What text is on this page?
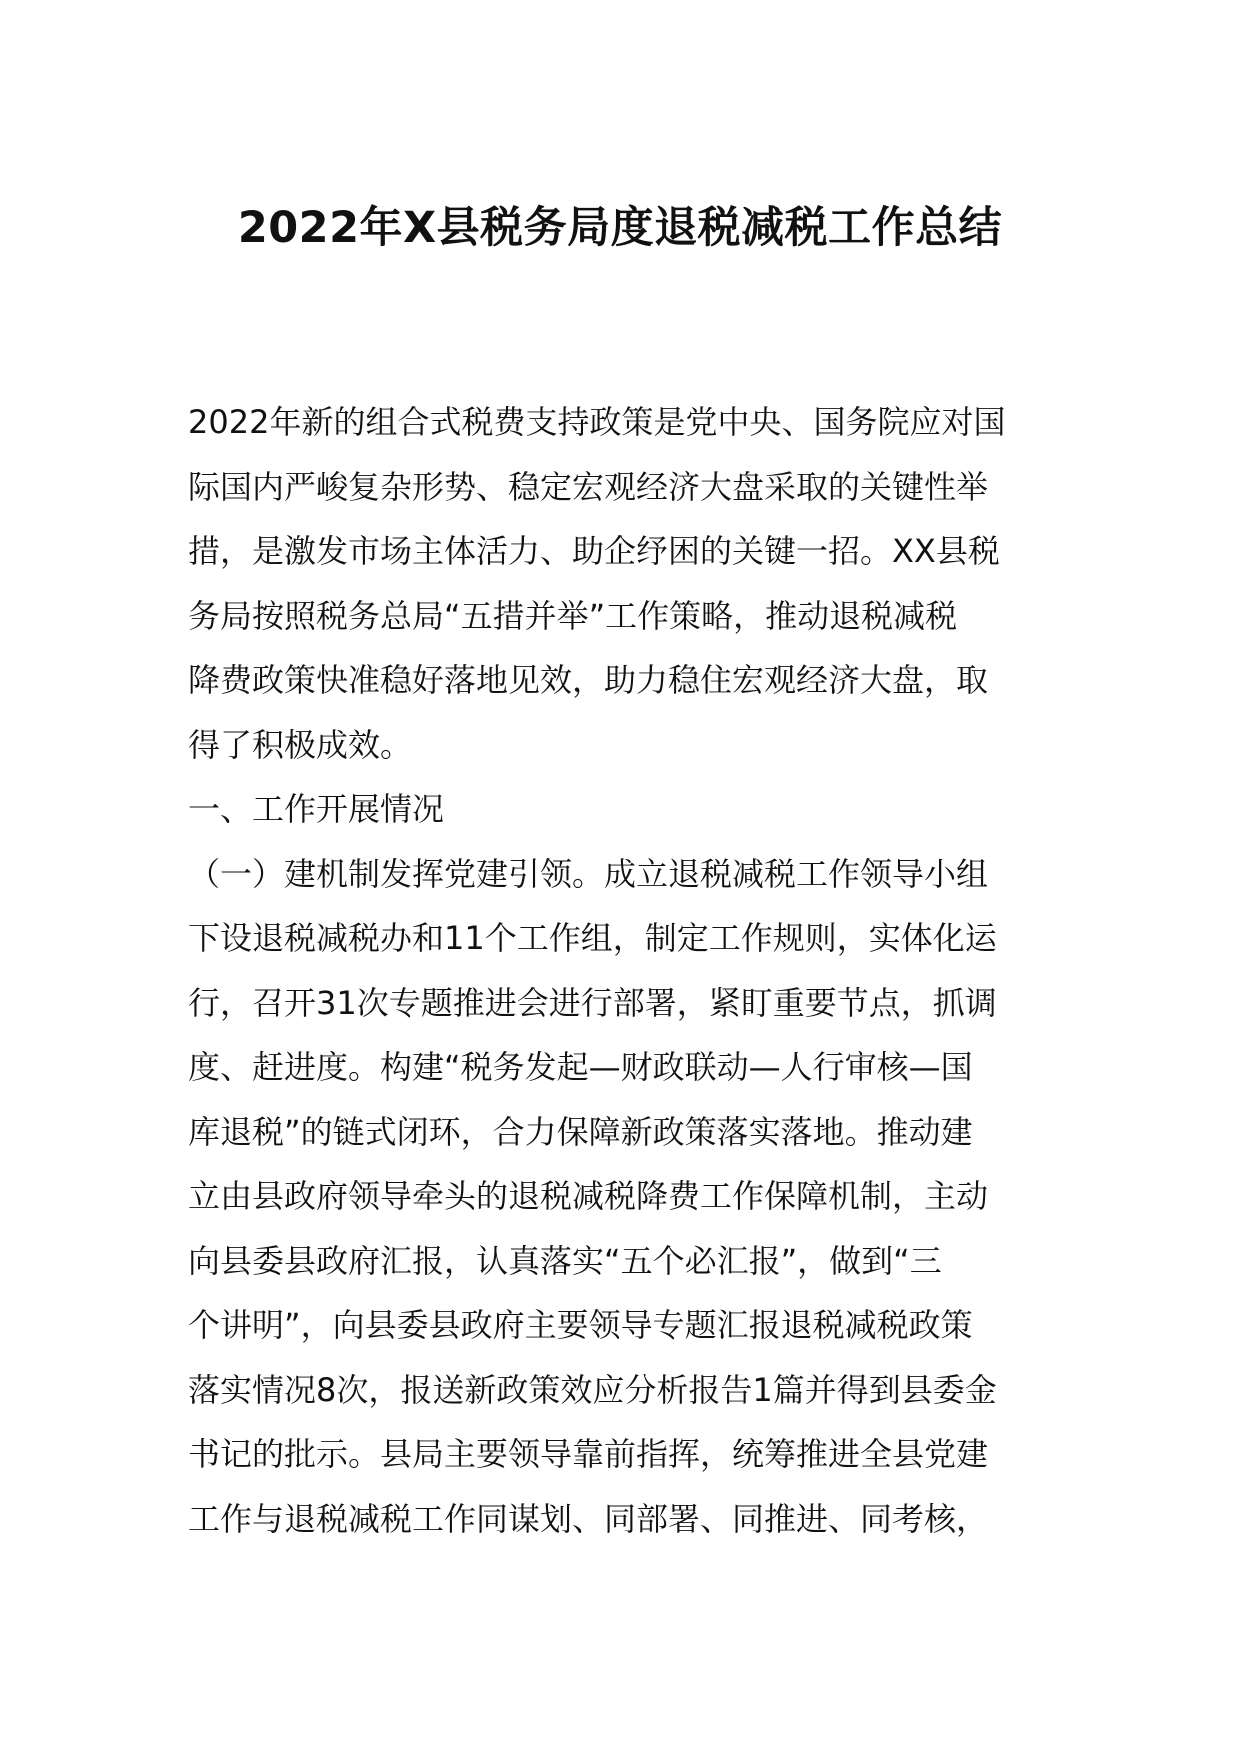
2022年X县税务局度退税减税工作总结
2022年新的组合式税费支持政策是党中央、国务院应对国
际国内严峻复杂形势、稳定宏观经济大盘采取的关键性举
措，是激发市场主体活力、助企纾困的关键一招。XX县税
务局按照税务总局“五措并举”工作策略，推动退税减税
降费政策快准稳好落地见效，助力稳住宏观经济大盘，取
得了积极成效。
一、工作开展情况
（一）建机制发挥党建引领。成立退税减税工作领导小组
下设退税减税办和11个工作组，制定工作规则，实体化运
行，召开31次专题推进会进行部署，紧盯重要节点，抓调
度、赶进度。构建“税务发起—财政联动—人行审核—国
库退税”的链式闭环，合力保障新政策落实落地。推动建
立由县政府领导牵头的退税减税降费工作保障机制，主动
向县委县政府汇报，认真落实“五个必汇报”，做到“三
个讲明”，向县委县政府主要领导专题汇报退税减税政策
落实情况8次，报送新政策效应分析报告1篇并得到县委金
书记的批示。县局主要领导靠前指挥，统筹推进全县党建
工作与退税减税工作同谋划、同部署、同推进、同考核，
